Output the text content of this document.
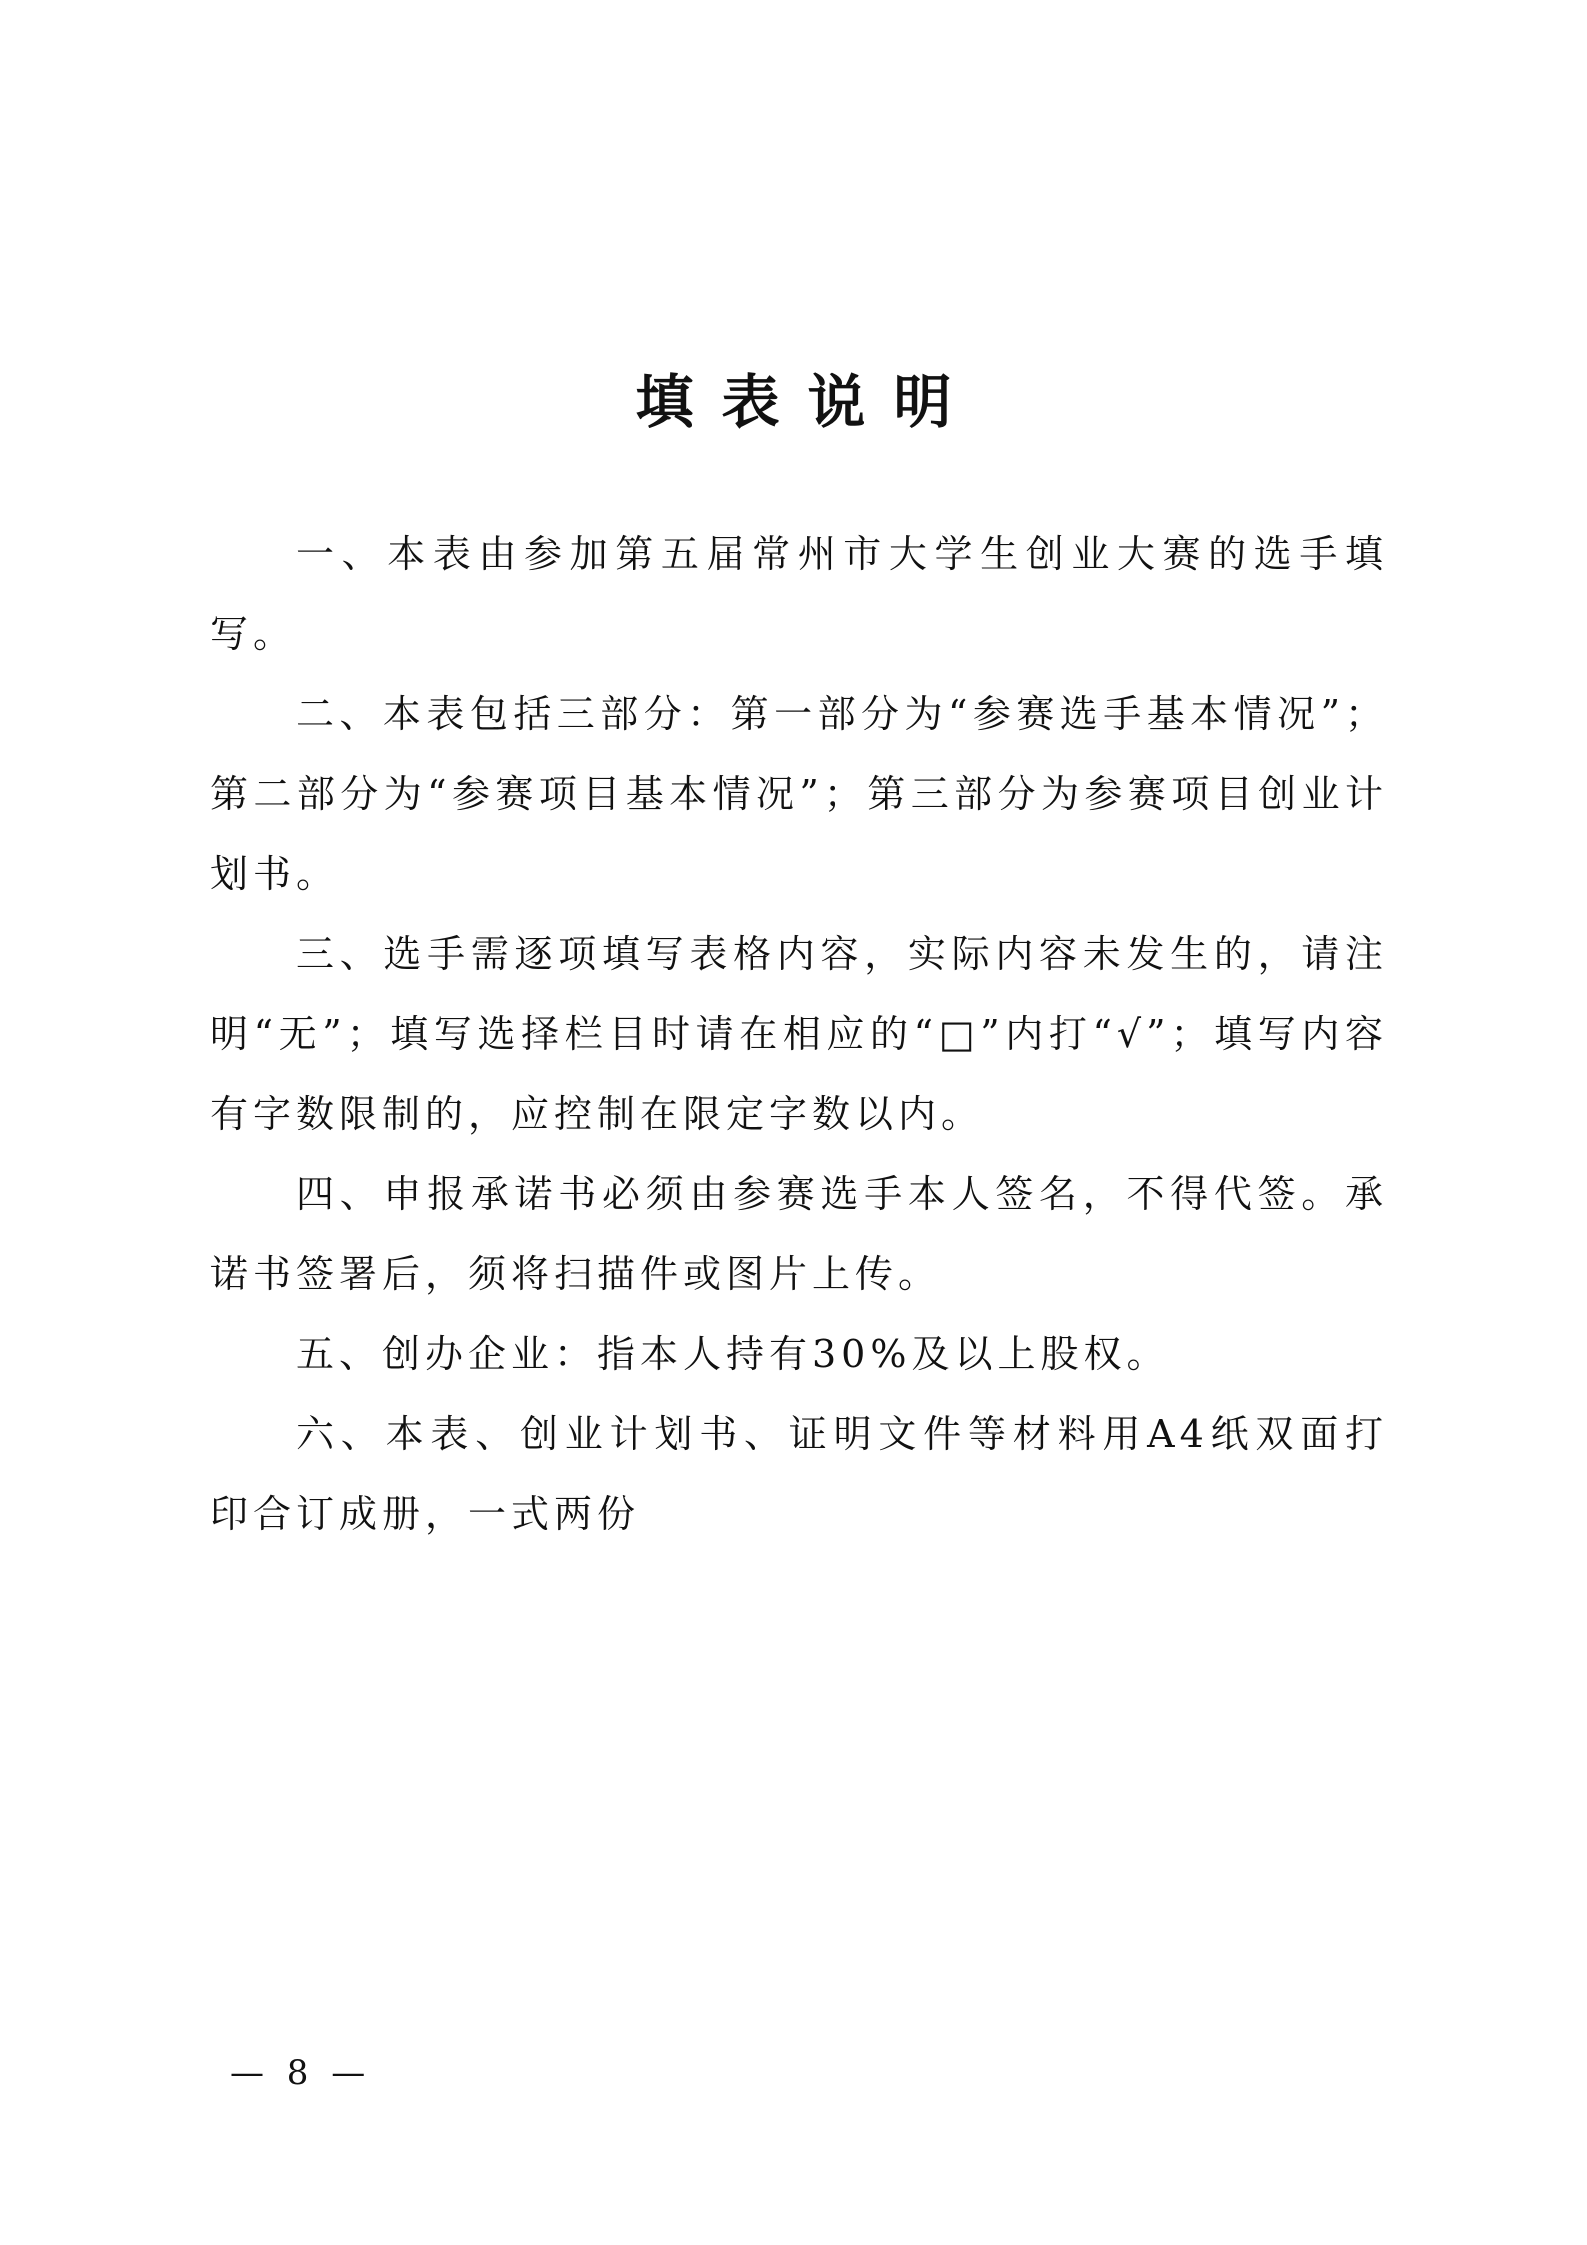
填表说明

一、本表由参加第五届常州市大学生创业大赛的选手填写。

二、本表包括三部分：第一部分为“参赛选手基本情况”；第二部分为“参赛项目基本情况”；第三部分为参赛项目创业计划书。

三、选手需逐项填写表格内容，实际内容未发生的，请注明“无”；填写选择栏目时请在相应的“□”内打“√”；填写内容有字数限制的，应控制在限定字数以内。

四、申报承诺书必须由参赛选手本人签名，不得代签。承诺书签署后，须将扫描件或图片上传。

五、创办企业：指本人持有30%及以上股权。

六、本表、创业计划书、证明文件等材料用A4纸双面打印合订成册，一式两份

— 8 —
